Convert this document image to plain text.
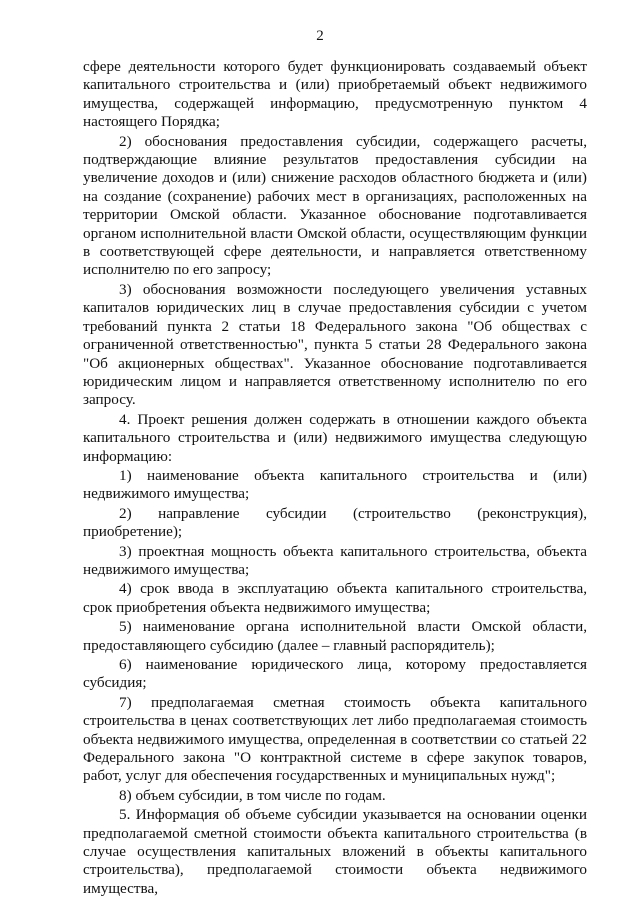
2

сфере деятельности которого будет функционировать создаваемый объект капитального строительства и (или) приобретаемый объект недвижимого имущества, содержащей информацию, предусмотренную пунктом 4 настоящего Порядка;

2) обоснования предоставления субсидии, содержащего расчеты, подтверждающие влияние результатов предоставления субсидии на увеличение доходов и (или) снижение расходов областного бюджета и (или) на создание (сохранение) рабочих мест в организациях, расположенных на территории Омской области. Указанное обоснование подготавливается органом исполнительной власти Омской области, осуществляющим функции в соответствующей сфере деятельности, и направляется ответственному исполнителю по его запросу;

3) обоснования возможности последующего увеличения уставных капиталов юридических лиц в случае предоставления субсидии с учетом требований пункта 2 статьи 18 Федерального закона "Об обществах с ограниченной ответственностью", пункта 5 статьи 28 Федерального закона "Об акционерных обществах". Указанное обоснование подготавливается юридическим лицом и направляется ответственному исполнителю по его запросу.

4. Проект решения должен содержать в отношении каждого объекта капитального строительства и (или) недвижимого имущества следующую информацию:

1) наименование объекта капитального строительства и (или) недвижимого имущества;

2) направление субсидии (строительство (реконструкция), приобретение);

3) проектная мощность объекта капитального строительства, объекта недвижимого имущества;

4) срок ввода в эксплуатацию объекта капитального строительства, срок приобретения объекта недвижимого имущества;

5) наименование органа исполнительной власти Омской области, предоставляющего субсидию (далее – главный распорядитель);

6) наименование юридического лица, которому предоставляется субсидия;

7) предполагаемая сметная стоимость объекта капитального строительства в ценах соответствующих лет либо предполагаемая стоимость объекта недвижимого имущества, определенная в соответствии со статьей 22 Федерального закона "О контрактной системе в сфере закупок товаров, работ, услуг для обеспечения государственных и муниципальных нужд";

8) объем субсидии, в том числе по годам.

5. Информация об объеме субсидии указывается на основании оценки предполагаемой сметной стоимости объекта капитального строительства (в случае осуществления капитальных вложений в объекты капитального строительства), предполагаемой стоимости объекта недвижимого имущества,
